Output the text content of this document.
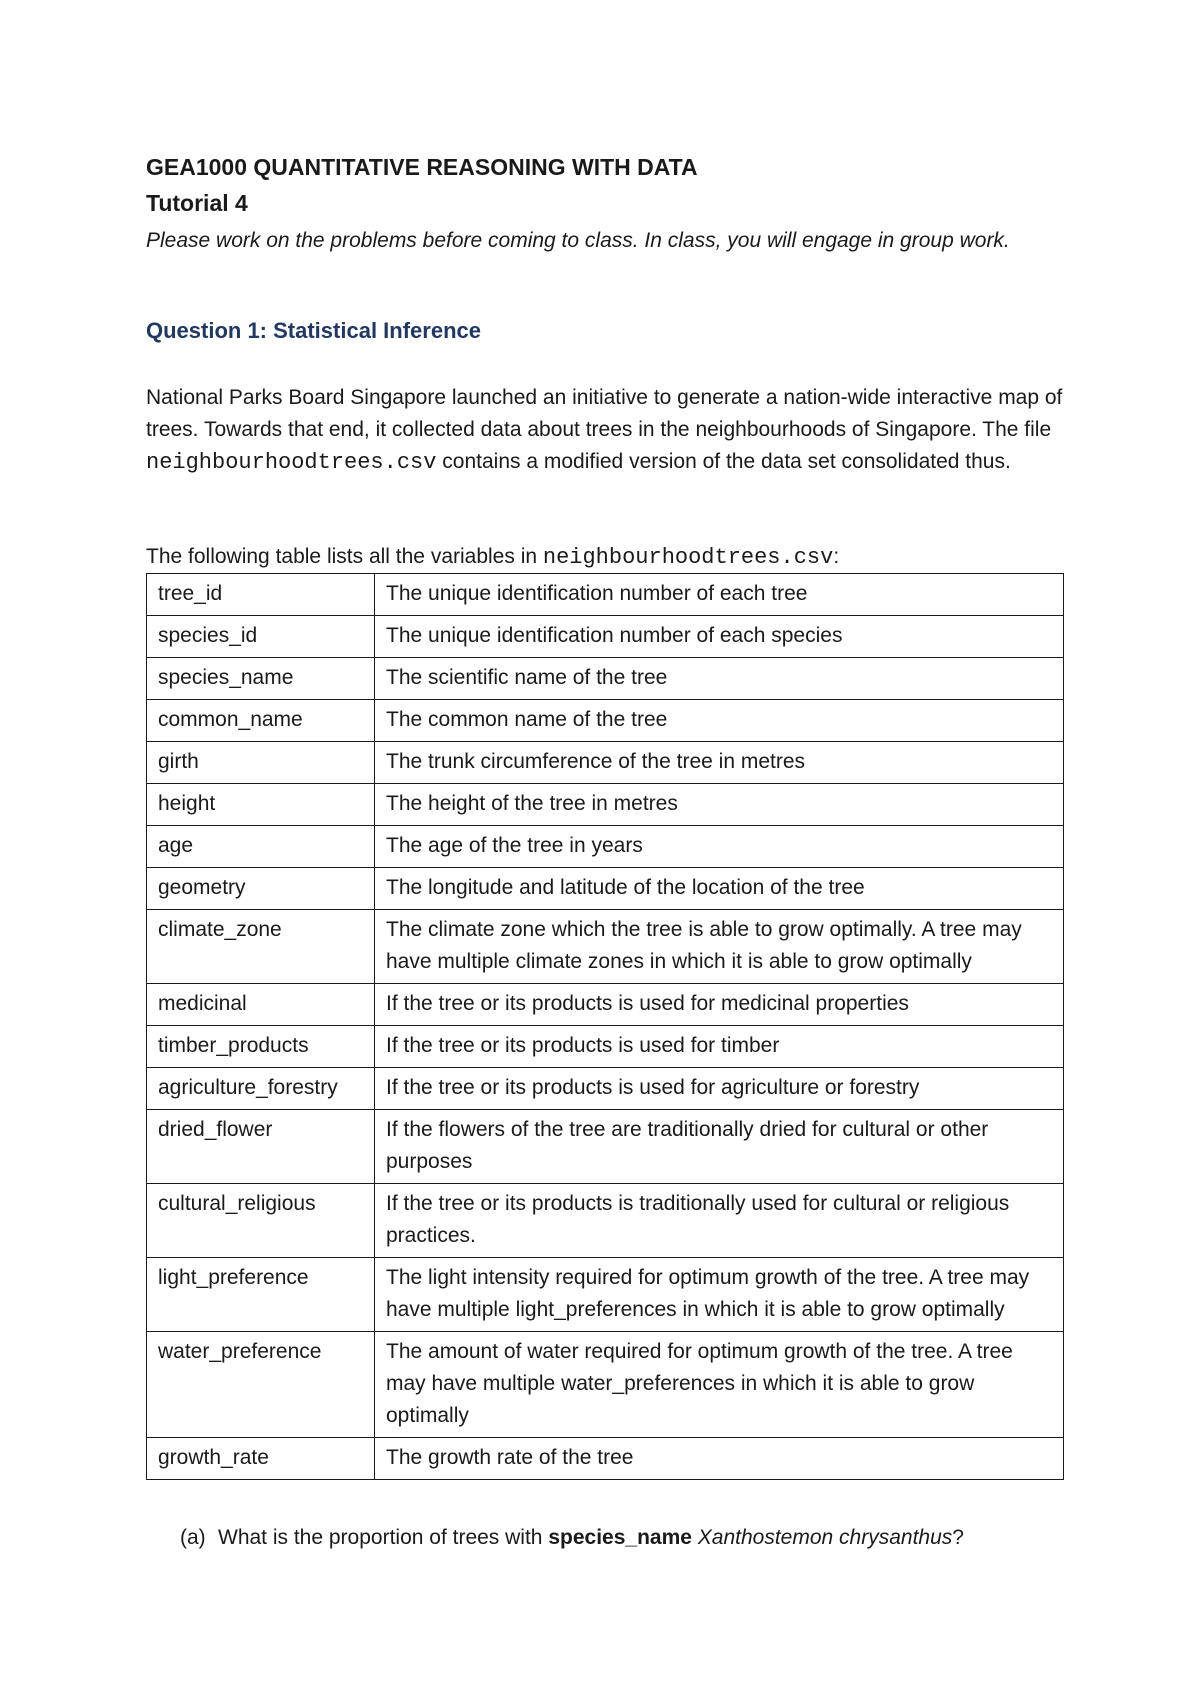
GEA1000 QUANTITATIVE REASONING WITH DATA

Tutorial 4

Please work on the problems before coming to class. In class, you will engage in group work.

Question 1: Statistical Inference

National Parks Board Singapore launched an initiative to generate a nation-wide interactive map of trees. Towards that end, it collected data about trees in the neighbourhoods of Singapore. The file neighbourhoodtrees.csv contains a modified version of the data set consolidated thus.

The following table lists all the variables in neighbourhoodtrees.csv:

tree_id	The unique identification number of each tree
species_id	The unique identification number of each species
species_name	The scientific name of the tree
common_name	The common name of the tree
girth	The trunk circumference of the tree in metres
height	The height of the tree in metres
age	The age of the tree in years
geometry	The longitude and latitude of the location of the tree
climate_zone	The climate zone which the tree is able to grow optimally. A tree may have multiple climate zones in which it is able to grow optimally
medicinal	If the tree or its products is used for medicinal properties
timber_products	If the tree or its products is used for timber
agriculture_forestry	If the tree or its products is used for agriculture or forestry
dried_flower	If the flowers of the tree are traditionally dried for cultural or other purposes
cultural_religious	If the tree or its products is traditionally used for cultural or religious practices.
light_preference	The light intensity required for optimum growth of the tree. A tree may have multiple light_preferences in which it is able to grow optimally
water_preference	The amount of water required for optimum growth of the tree. A tree may have multiple water_preferences in which it is able to grow optimally
growth_rate	The growth rate of the tree

(a) What is the proportion of trees with species_name Xanthostemon chrysanthus?
